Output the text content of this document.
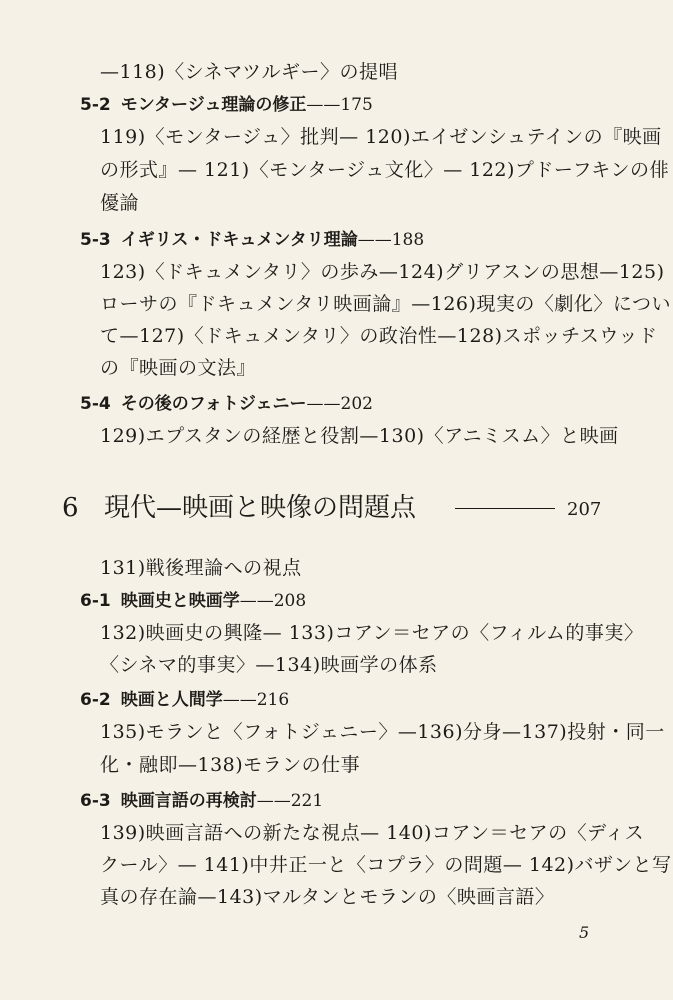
—118)〈シネマツルギー〉の提唱
5-2 モンタージュ理論の修正——175
119)〈モンタージュ〉批判— 120)エイゼンシュテインの『映画
の形式』— 121)〈モンタージュ文化〉— 122)プドーフキンの俳
優論
5-3 イギリス・ドキュメンタリ理論——188
123)〈ドキュメンタリ〉の歩み—124)グリアスンの思想—125)
ローサの『ドキュメンタリ映画論』—126)現実の〈劇化〉につい
て—127)〈ドキュメンタリ〉の政治性—128)スポッチスウッド
の『映画の文法』
5-4 その後のフォトジェニー——202
129)エプスタンの経歴と役割—130)〈アニミスム〉と映画
6 現代—映画と映像の問題点	207
131)戦後理論への視点
6-1 映画史と映画学——208
132)映画史の興隆— 133)コアン＝セアの〈フィルム的事実〉
〈シネマ的事実〉—134)映画学の体系
6-2 映画と人間学——216
135)モランと〈フォトジェニー〉—136)分身—137)投射・同一
化・融即—138)モランの仕事
6-3 映画言語の再検討——221
139)映画言語への新たな視点— 140)コアン＝セアの〈ディス
クール〉— 141)中井正一と〈コプラ〉の問題— 142)バザンと写
真の存在論—143)マルタンとモランの〈映画言語〉
5
